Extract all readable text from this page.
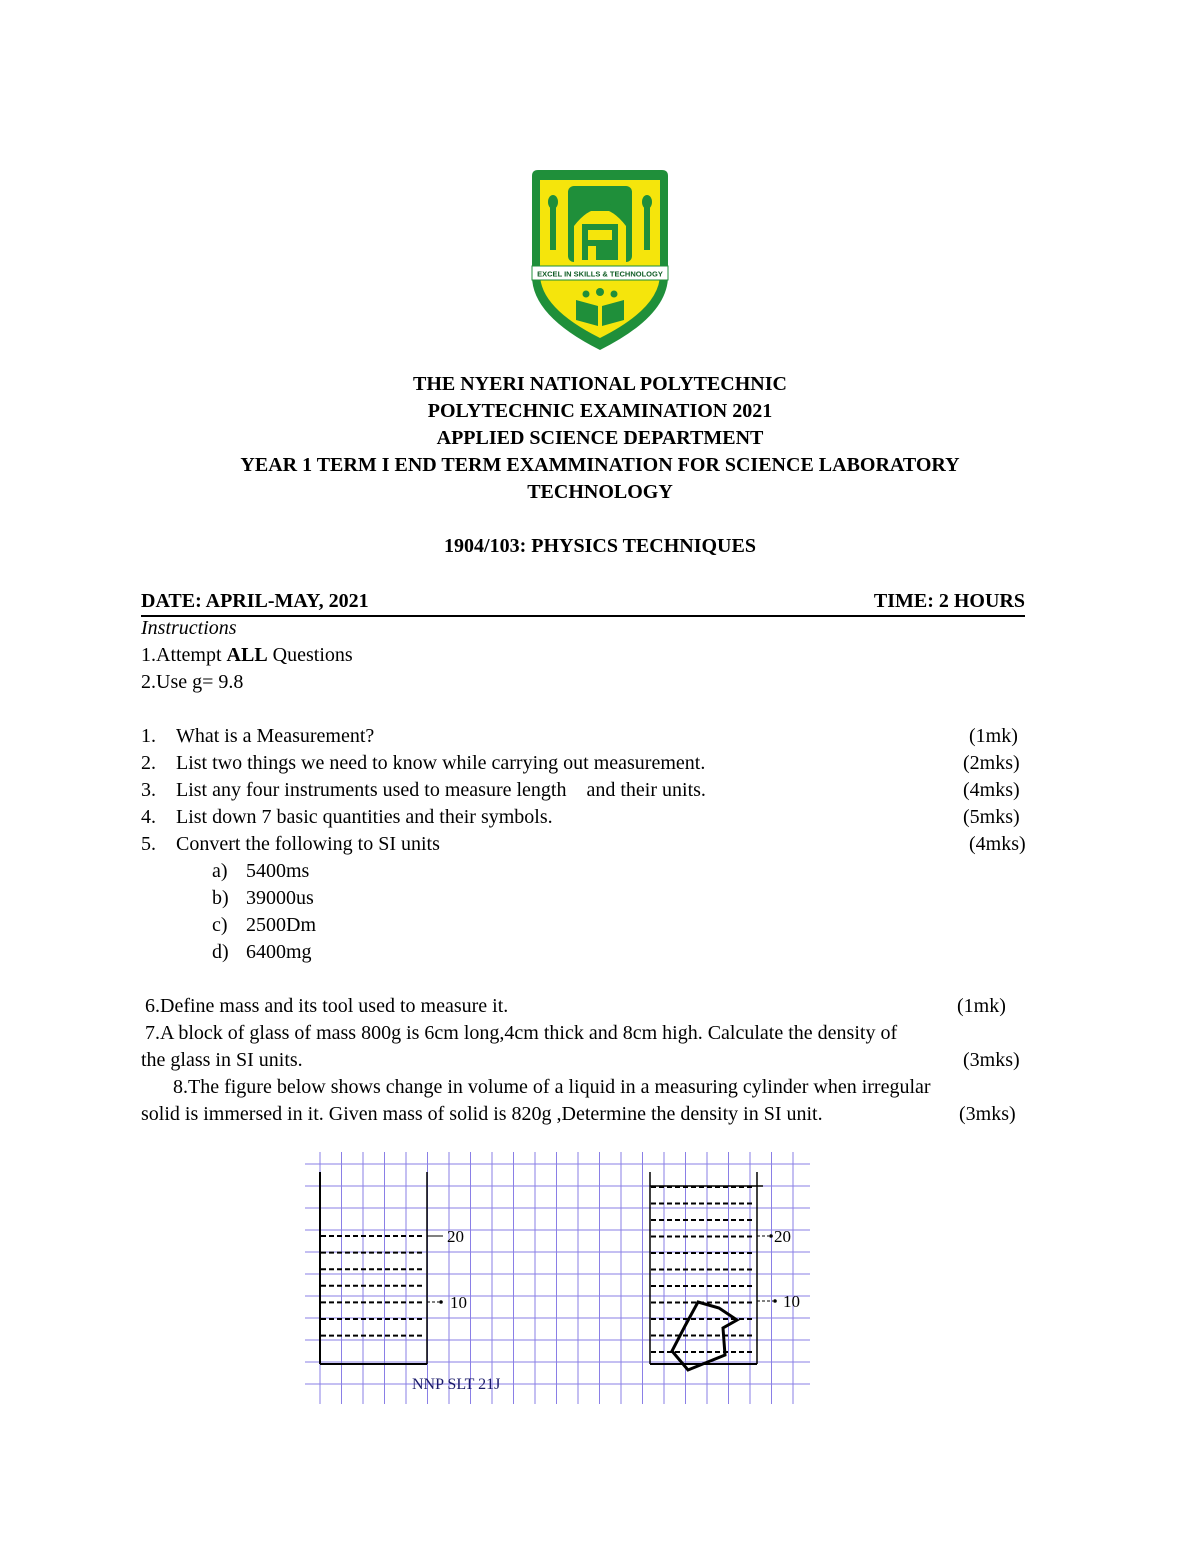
EXCEL IN SKILLS & TECHNOLOGY
THE NYERI NATIONAL POLYTECHNIC
POLYTECHNIC EXAMINATION 2021
APPLIED SCIENCE DEPARTMENT
YEAR 1 TERM I END TERM EXAMMINATION FOR SCIENCE LABORATORY
TECHNOLOGY
1904/103: PHYSICS TECHNIQUES
DATE: APRIL-MAY, 2021	TIME: 2 HOURS
Instructions
1.Attempt ALL Questions
2.Use g= 9.8
1.	What is a Measurement?	(1mk)
2.	List two things we need to know while carrying out measurement.	(2mks)
3.	List any four instruments used to measure length    and their units.	(4mks)
4.	List down 7 basic quantities and their symbols.	(5mks)
5.	Convert the following to SI units	(4mks)
a) 5400ms
b) 39000us
c) 2500Dm
d) 6400mg
6.Define mass and its tool used to measure it.	(1mk)
7.A block of glass of mass 800g is 6cm long,4cm thick and 8cm high. Calculate the density of
the glass in SI units.	(3mks)
8.The figure below shows change in volume of a liquid in a measuring cylinder when irregular
solid is immersed in it. Given mass of solid is 820g ,Determine the density in SI unit.	(3mks)
20
10
20
10
NNP SLT 21J
